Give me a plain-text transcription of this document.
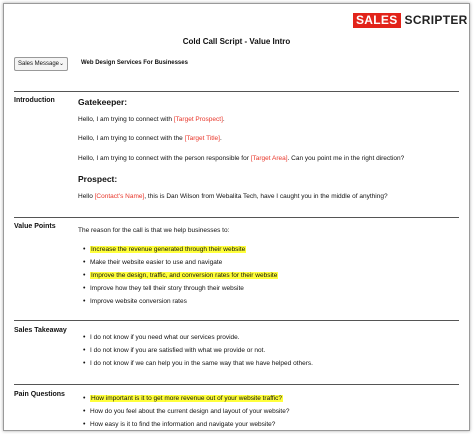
SALES SCRIPTER
Cold Call Script - Value Intro
Sales Message ⌄	Web Design Services For Businesses
Introduction	Gatekeeper:
Hello, I am trying to connect with [Target Prospect].
Hello, I am trying to connect with the [Target Title].
Hello, I am trying to connect with the person responsible for [Target Area]. Can you point me in the right direction?
Prospect:
Hello [Contact's Name], this is Dan Wilson from Webalita Tech, have I caught you in the middle of anything?
Value Points
The reason for the call is that we help businesses to:
• Increase the revenue generated through their website
• Make their website easier to use and navigate
• Improve the design, traffic, and conversion rates for their website
• Improve how they tell their story through their website
• Improve website conversion rates
Sales Takeaway
• I do not know if you need what our services provide.
• I do not know if you are satisfied with what we provide or not.
• I do not know if we can help you in the same way that we have helped others.
Pain Questions
• How important is it to get more revenue out of your website traffic?
• How do you feel about the current design and layout of your website?
• How easy is it to find the information and navigate your website?
